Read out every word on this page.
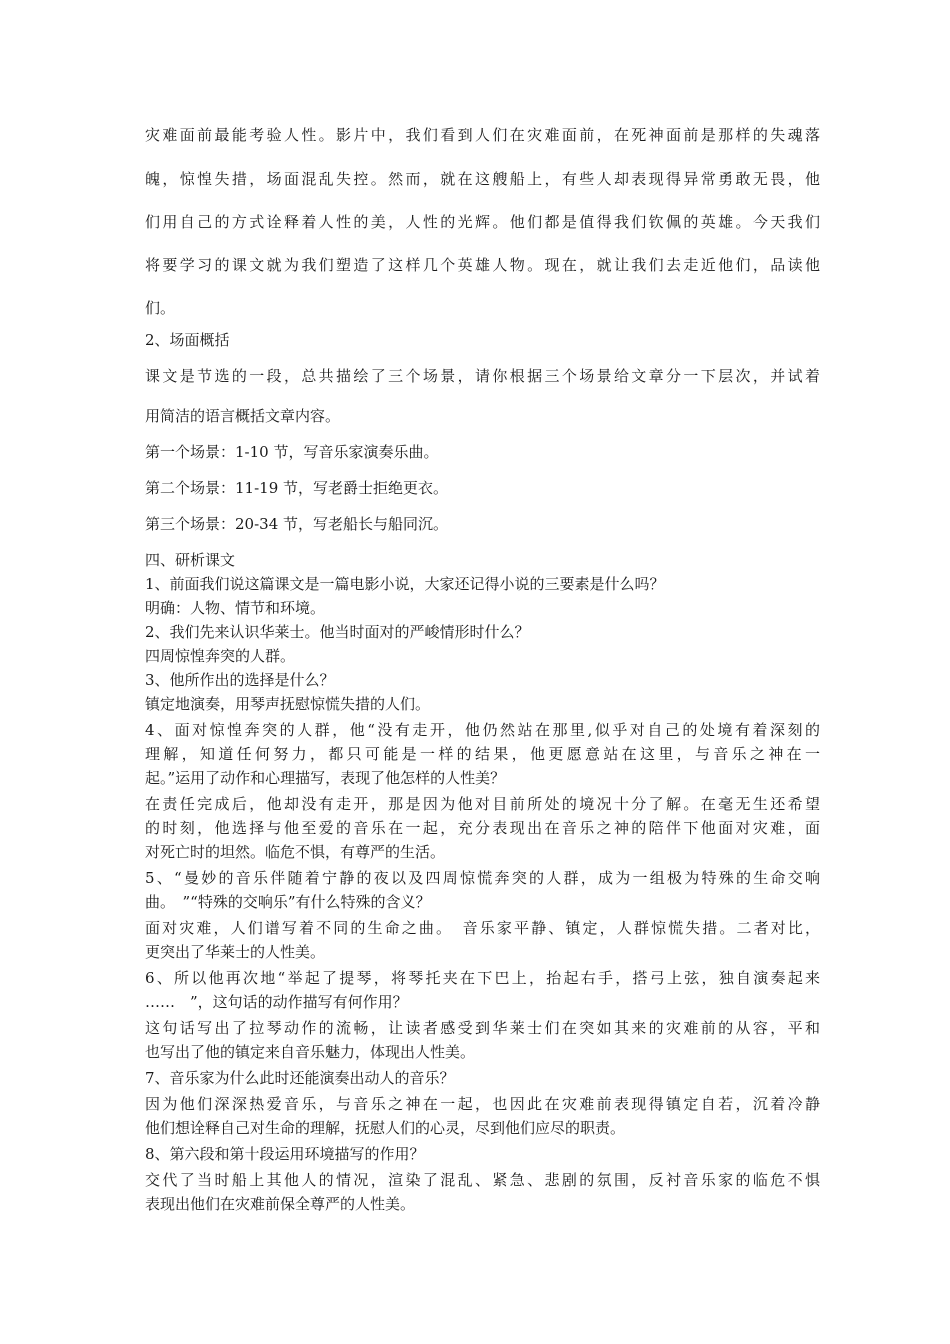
灾难面前最能考验人性。影片中，我们看到人们在灾难面前，在死神面前是那样的失魂落
魄，惊惶失措，场面混乱失控。然而，就在这艘船上，有些人却表现得异常勇敢无畏，他
们用自己的方式诠释着人性的美，人性的光辉。他们都是值得我们钦佩的英雄。今天我们
将要学习的课文就为我们塑造了这样几个英雄人物。现在，就让我们去走近他们，品读他
们。
2、场面概括
课文是节选的一段，总共描绘了三个场景，请你根据三个场景给文章分一下层次，并试着
用简洁的语言概括文章内容。
第一个场景：1-10 节，写音乐家演奏乐曲。
第二个场景：11-19 节，写老爵士拒绝更衣。
第三个场景：20-34 节，写老船长与船同沉。
四、研析课文
1、前面我们说这篇课文是一篇电影小说，大家还记得小说的三要素是什么吗？
明确：人物、情节和环境。
2、我们先来认识华莱士。他当时面对的严峻情形时什么？
四周惊惶奔突的人群。
3、他所作出的选择是什么？
镇定地演奏，用琴声抚慰惊慌失措的人们。
4、面对惊惶奔突的人群，他“没有走开，他仍然站在那里,似乎对自己的处境有着深刻的
理解，知道任何努力，都只可能是一样的结果，他更愿意站在这里，与音乐之神在一
起。”运用了动作和心理描写，表现了他怎样的人性美？
在责任完成后，他却没有走开，那是因为他对目前所处的境况十分了解。在毫无生还希望
的时刻，他选择与他至爱的音乐在一起，充分表现出在音乐之神的陪伴下他面对灾难，面
对死亡时的坦然。临危不惧，有尊严的生活。
5、“曼妙的音乐伴随着宁静的夜以及四周惊慌奔突的人群，成为一组极为特殊的生命交响
曲。　”“特殊的交响乐”有什么特殊的含义？
面对灾难，人们谱写着不同的生命之曲。　音乐家平静、镇定，人群惊慌失措。二者对比，
更突出了华莱士的人性美。
6、所以他再次地“举起了提琴，将琴托夹在下巴上，抬起右手，搭弓上弦，独自演奏起来
……　”，这句话的动作描写有何作用？
这句话写出了拉琴动作的流畅，让读者感受到华莱士们在突如其来的灾难前的从容，平和
也写出了他的镇定来自音乐魅力，体现出人性美。
7、音乐家为什么此时还能演奏出动人的音乐？
因为他们深深热爱音乐，与音乐之神在一起，也因此在灾难前表现得镇定自若，沉着冷静
他们想诠释自己对生命的理解，抚慰人们的心灵，尽到他们应尽的职责。
8、第六段和第十段运用环境描写的作用？
交代了当时船上其他人的情况，渲染了混乱、紧急、悲剧的氛围，反衬音乐家的临危不惧
表现出他们在灾难前保全尊严的人性美。
